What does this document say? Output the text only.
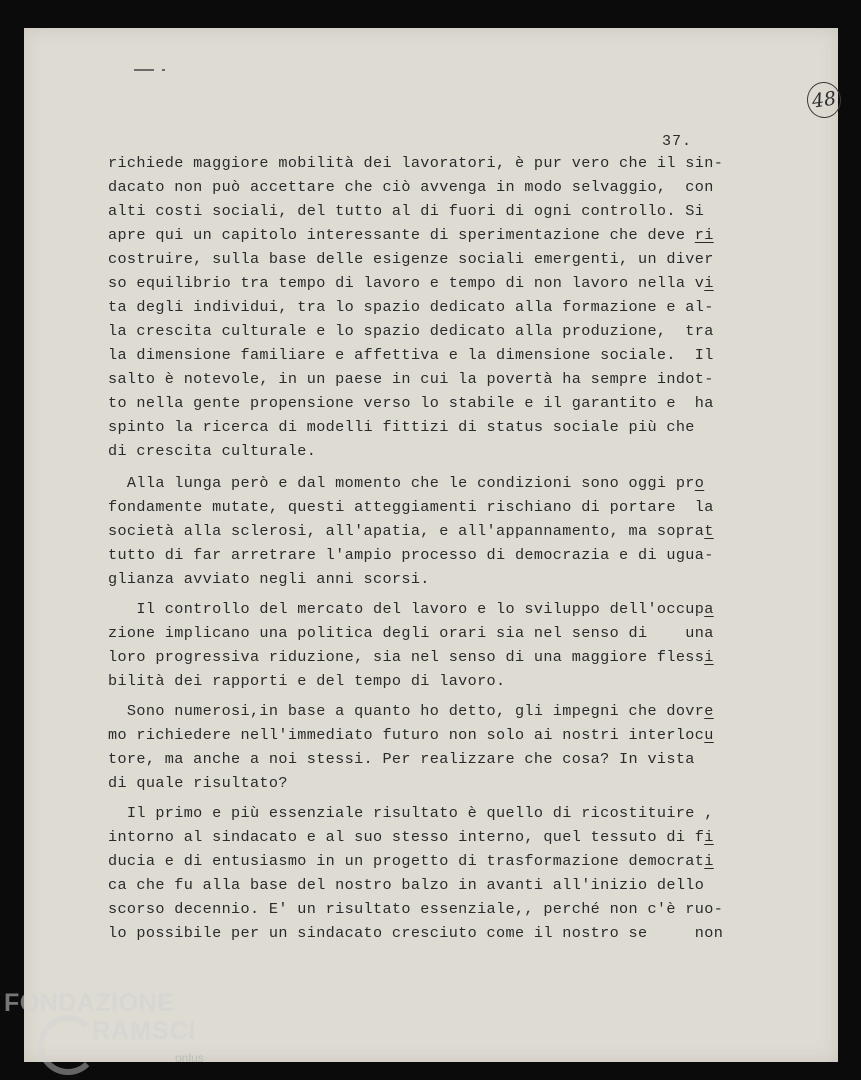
48
37.
richiede maggiore mobilità dei lavoratori, è pur vero che il sin-
dacato non può accettare che ciò avvenga in modo selvaggio,  con
alti costi sociali, del tutto al di fuori di ogni controllo. Si
apre qui un capitolo interessante di sperimentazione che deve ri
costruire, sulla base delle esigenze sociali emergenti, un diver
so equilibrio tra tempo di lavoro e tempo di non lavoro nella vi
ta degli individui, tra lo spazio dedicato alla formazione e al-
la crescita culturale e lo spazio dedicato alla produzione,  tra
la dimensione familiare e affettiva e la dimensione sociale.  Il
salto è notevole, in un paese in cui la povertà ha sempre indot-
to nella gente propensione verso lo stabile e il garantito e  ha
spinto la ricerca di modelli fittizi di status sociale più che
di crescita culturale.
Alla lunga però e dal momento che le condizioni sono oggi pro
fondamente mutate, questi atteggiamenti rischiano di portare  la
società alla sclerosi, all'apatia, e all'appannamento, ma soprat
tutto di far arretrare l'ampio processo di democrazia e di ugua-
glianza avviato negli anni scorsi.
Il controllo del mercato del lavoro e lo sviluppo dell'occupa
zione implicano una politica degli orari sia nel senso di    una
loro progressiva riduzione, sia nel senso di una maggiore flessi
bilità dei rapporti e del tempo di lavoro.
Sono numerosi,in base a quanto ho detto, gli impegni che dovre
mo richiedere nell'immediato futuro non solo ai nostri interlocu
tore, ma anche a noi stessi. Per realizzare che cosa? In vista
di quale risultato?
Il primo e più essenziale risultato è quello di ricostituire ,
intorno al sindacato e al suo stesso interno, quel tessuto di fi
ducia e di entusiasmo in un progetto di trasformazione democrati
ca che fu alla base del nostro balzo in avanti all'inizio dello
scorso decennio. E' un risultato essenziale,, perché non c'è ruo-
lo possibile per un sindacato cresciuto come il nostro se     non
FONDAZIONE
RAMSCI
onlus
